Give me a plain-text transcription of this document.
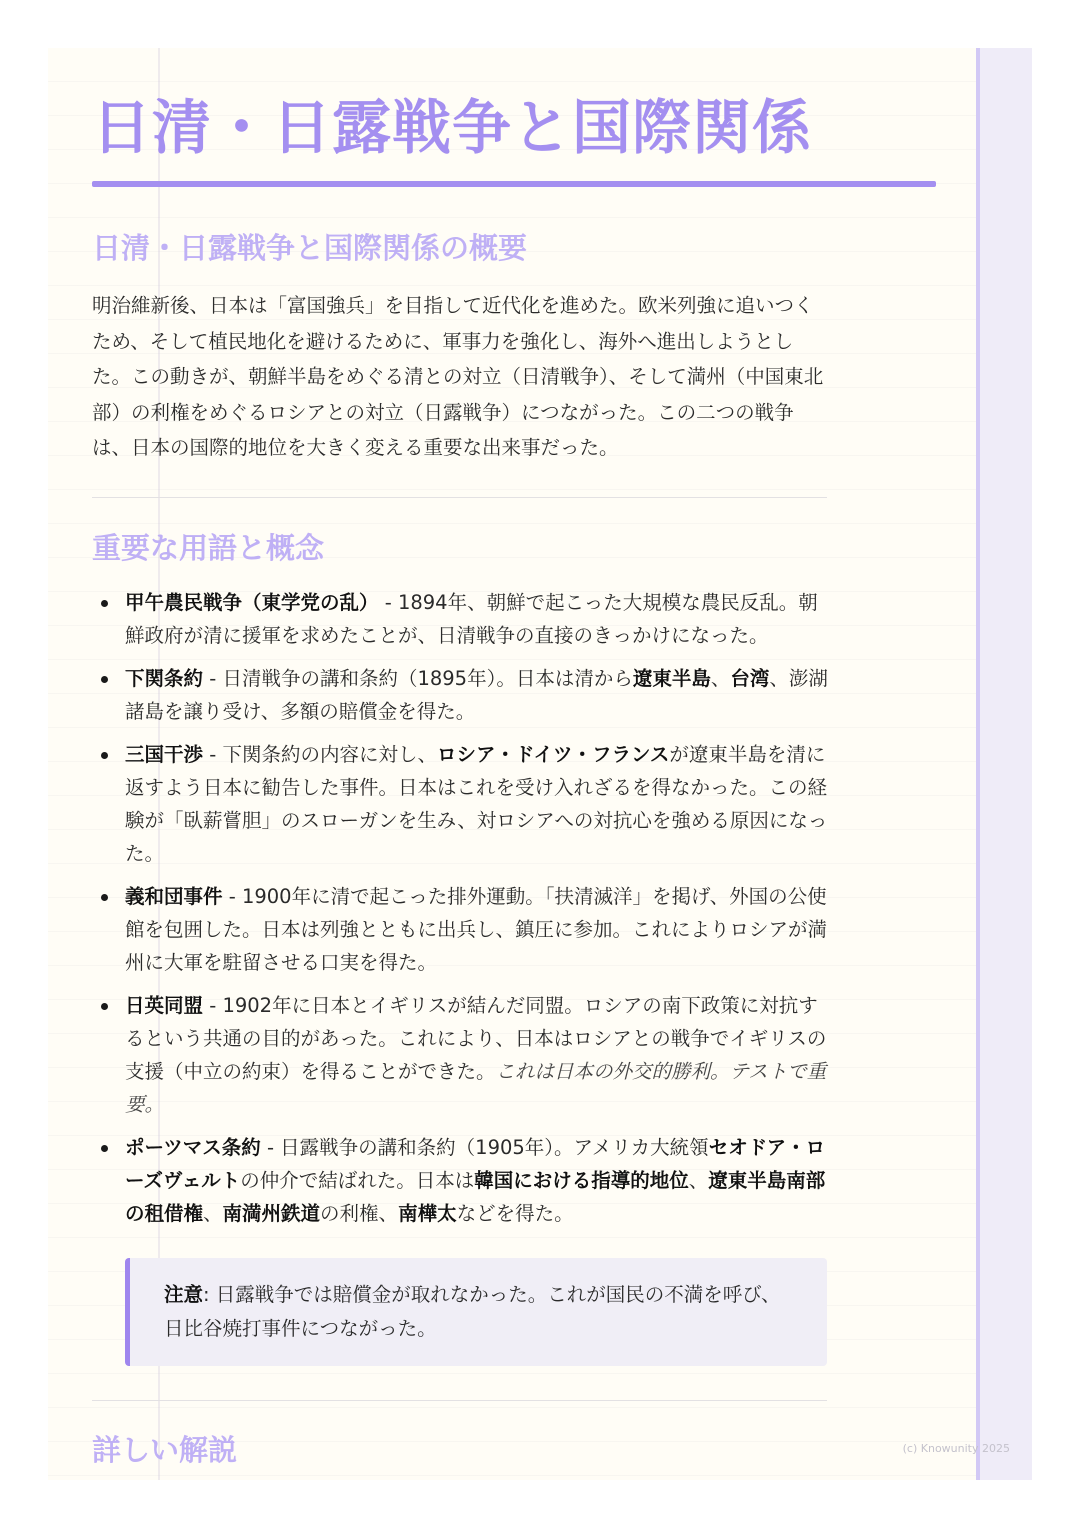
日清・日露戦争と国際関係
日清・日露戦争と国際関係の概要

明治維新後、日本は「富国強兵」を目指して近代化を進めた。欧米列強に追いつくため、そして植民地化を避けるために、軍事力を強化し、海外へ進出しようとした。この動きが、朝鮮半島をめぐる清との対立（日清戦争）、そして満州（中国東北部）の利権をめぐるロシアとの対立（日露戦争）につながった。この二つの戦争は、日本の国際的地位を大きく変える重要な出来事だった。

重要な用語と概念
甲午農民戦争（東学党の乱） - 1894年、朝鮮で起こった大規模な農民反乱。朝鮮政府が清に援軍を求めたことが、日清戦争の直接のきっかけになった。
下関条約 - 日清戦争の講和条約（1895年）。日本は清から遼東半島、台湾、澎湖諸島を譲り受け、多額の賠償金を得た。
三国干渉 - 下関条約の内容に対し、ロシア・ドイツ・フランスが遼東半島を清に返すよう日本に勧告した事件。日本はこれを受け入れざるを得なかった。この経験が「臥薪嘗胆」のスローガンを生み、対ロシアへの対抗心を強める原因になった。
義和団事件 - 1900年に清で起こった排外運動。「扶清滅洋」を掲げ、外国の公使館を包囲した。日本は列強とともに出兵し、鎮圧に参加。これによりロシアが満州に大軍を駐留させる口実を得た。
日英同盟 - 1902年に日本とイギリスが結んだ同盟。ロシアの南下政策に対抗するという共通の目的があった。これにより、日本はロシアとの戦争でイギリスの支援（中立の約束）を得ることができた。これは日本の外交的勝利。テストで重要。
ポーツマス条約 - 日露戦争の講和条約（1905年）。アメリカ大統領セオドア・ローズヴェルトの仲介で結ばれた。日本は韓国における指導的地位、遼東半島南部の租借権、南満州鉄道の利権、南樺太などを得た。
注意: 日露戦争では賠償金が取れなかった。これが国民の不満を呼び、日比谷焼打事件につながった。
詳しい解説	(c) Knowunity 2025
